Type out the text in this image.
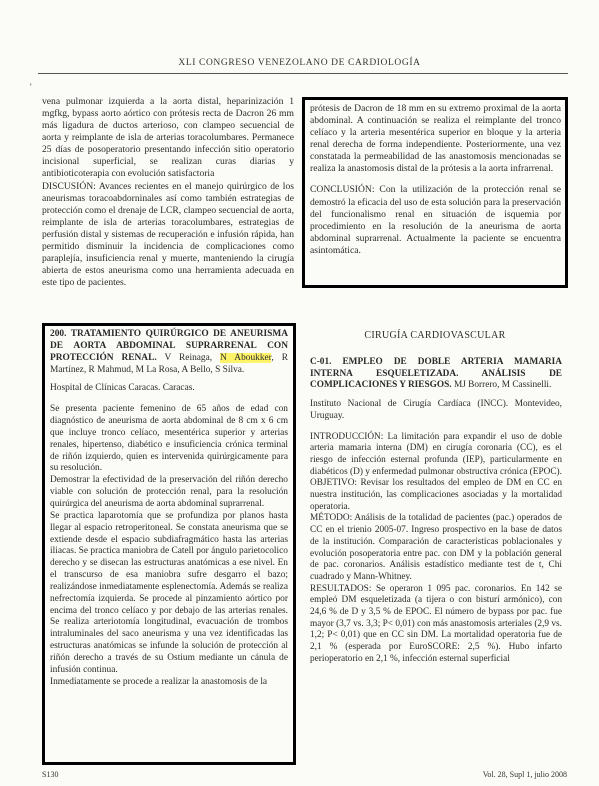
XLI CONGRESO VENEZOLANO DE CARDIOLOGÍA
'

vena pulmonar izquierda a la aorta distal, heparinización 1 mgfkg, bypass aorto aórtico con prótesis recta de Dacron 26 mm más ligadura de ductos arterioso, con clampeo secuencial de aorta y reimplante de isla de arterias toracolumbares. Permanece 25 días de posoperatorio presentando infección sitio operatorio incisional superficial, se realizan curas diarias y antibioticoterapia con evolución satisfactoria

DISCUSIÓN: Avances recientes en el manejo quirúrgico de los aneurismas toracoabdorninales así como también estrategias de protección como el drenaje de LCR, clampeo secuencial de aorta, reimplante de isla de arterias toracolumbares, estrategias de perfusión distal y sistemas de recuperación e infusión rápida, han permitido disminuir la incidencia de complicaciones como paraplejía, insuficiencia renal y muerte, manteniendo la cirugía abierta de estos aneurisma como una herramienta adecuada en este tipo de pacientes.

prótesis de Dacron de 18 mm en su extremo proximal de la aorta abdominal. A continuación se realiza el reimplante del tronco celíaco y la arteria mesentérica superior en bloque y la arteria renal derecha de forma independiente. Posteriormente, una vez constatada la permeabilidad de las anastomosis mencionadas se realiza la anastomosis distal de la prótesis a la aorta infrarrenal.

CONCLUSIÓN: Con la utilización de la protección renal se demostró la eficacia del uso de esta solución para la preservación del funcionalismo renal en situación de isquemia por procedimiento en la resolución de la aneurisma de aorta abdominal suprarrenal. Actualmente la paciente se encuentra asintomática.

200. TRATAMIENTO QUIRÚRGICO DE ANEURISMA DE AORTA ABDOMINAL SUPRARRENAL CON PROTECCIÓN RENAL. V Reinaga, N Aboukker, R Martínez, R Mahmud, M La Rosa, A Bello, S Silva.

Hospital de Clínicas Caracas. Caracas.

Se presenta paciente femenino de 65 años de edad con diagnóstico de aneurisma de aorta abdominal de 8 cm x 6 cm que incluye tronco celíaco, mesentérica superior y arterias renales, hipertenso, diabético e insuficiencia crónica terminal de riñón izquierdo, quien es intervenida quirúrgicamente para su resolución.

Demostrar la efectividad de la preservación del riñón derecho viable con solución de protección renal, para la resolución quirúrgica del aneurisma de aorta abdominal suprarrenal.

Se practica laparotomía que se profundiza por planos hasta llegar al espacio retroperitoneal. Se constata aneurisma que se extiende desde el espacio subdiafragmático hasta las arterias iliacas. Se practica maniobra de Catell por ángulo parietocolico derecho y se disecan las estructuras anatómicas a ese nivel. En el transcurso de esa maniobra sufre desgarro el bazo; realizándose inmediatamente esplenectomía. Además se realiza nefrectomía izquierda. Se procede al pinzamiento aórtico por encima del tronco celíaco y por debajo de las arterias renales. Se realiza arteriotomía longitudinal, evacuación de trombos intraluminales del saco aneurisma y una vez identificadas las estructuras anatómicas se infunde la solución de protección al riñón derecho a través de su Ostium mediante un cánula de infusión continua.

Inmediatamente se procede a realizar la anastomosis de la

CIRUGÍA CARDIOVASCULAR

C-01. EMPLEO DE DOBLE ARTERIA MAMARIA INTERNA ESQUELETIZADA. ANÁLISIS DE COMPLICACIONES Y RIESGOS. MJ Borrero, M Cassinelli.

Instituto Nacional de Cirugía Cardíaca (INCC). Montevideo, Uruguay.

INTRODUCCIÓN: La limitación para expandir el uso de doble arteria mamaria interna (DM) en cirugía coronaria (CC), es el riesgo de infección esternal profunda (IEP), particularmente en diabéticos (D) y enfermedad pulmonar obstructiva crónica (EPOC).

OBJETIVO: Revisar los resultados del empleo de DM en CC en nuestra institución, las complicaciones asociadas y la mortalidad operatoria.

MÉTODO: Análisis de la totalidad de pacientes (pac.) operados de CC en el trienio 2005-07. Ingreso prospectivo en la base de datos de la institución. Comparación de características poblacionales y evolución posoperatoria entre pac. con DM y la población general de pac. coronarios. Análisis estadístico mediante test de t, Chi cuadrado y Mann-Whitney.

RESULTADOS: Se operaron 1 095 pac. coronarios. En 142 se empleó DM esqueletizada (a tijera o con bisturí armónico), con 24,6 % de D y 3,5 % de EPOC. El número de bypass por pac. fue mayor (3,7 vs. 3,3; P< 0,01) con más anastomosis arteriales (2,9 vs. 1,2; P< 0,01) que en CC sin DM. La mortalidad operatoria fue de 2,1 % (esperada por EuroSCORE: 2,5 %). Hubo infarto perioperatorio en 2,1 %, infección esternal superficial

S130	Vol. 28, Supl 1, julio 2008
